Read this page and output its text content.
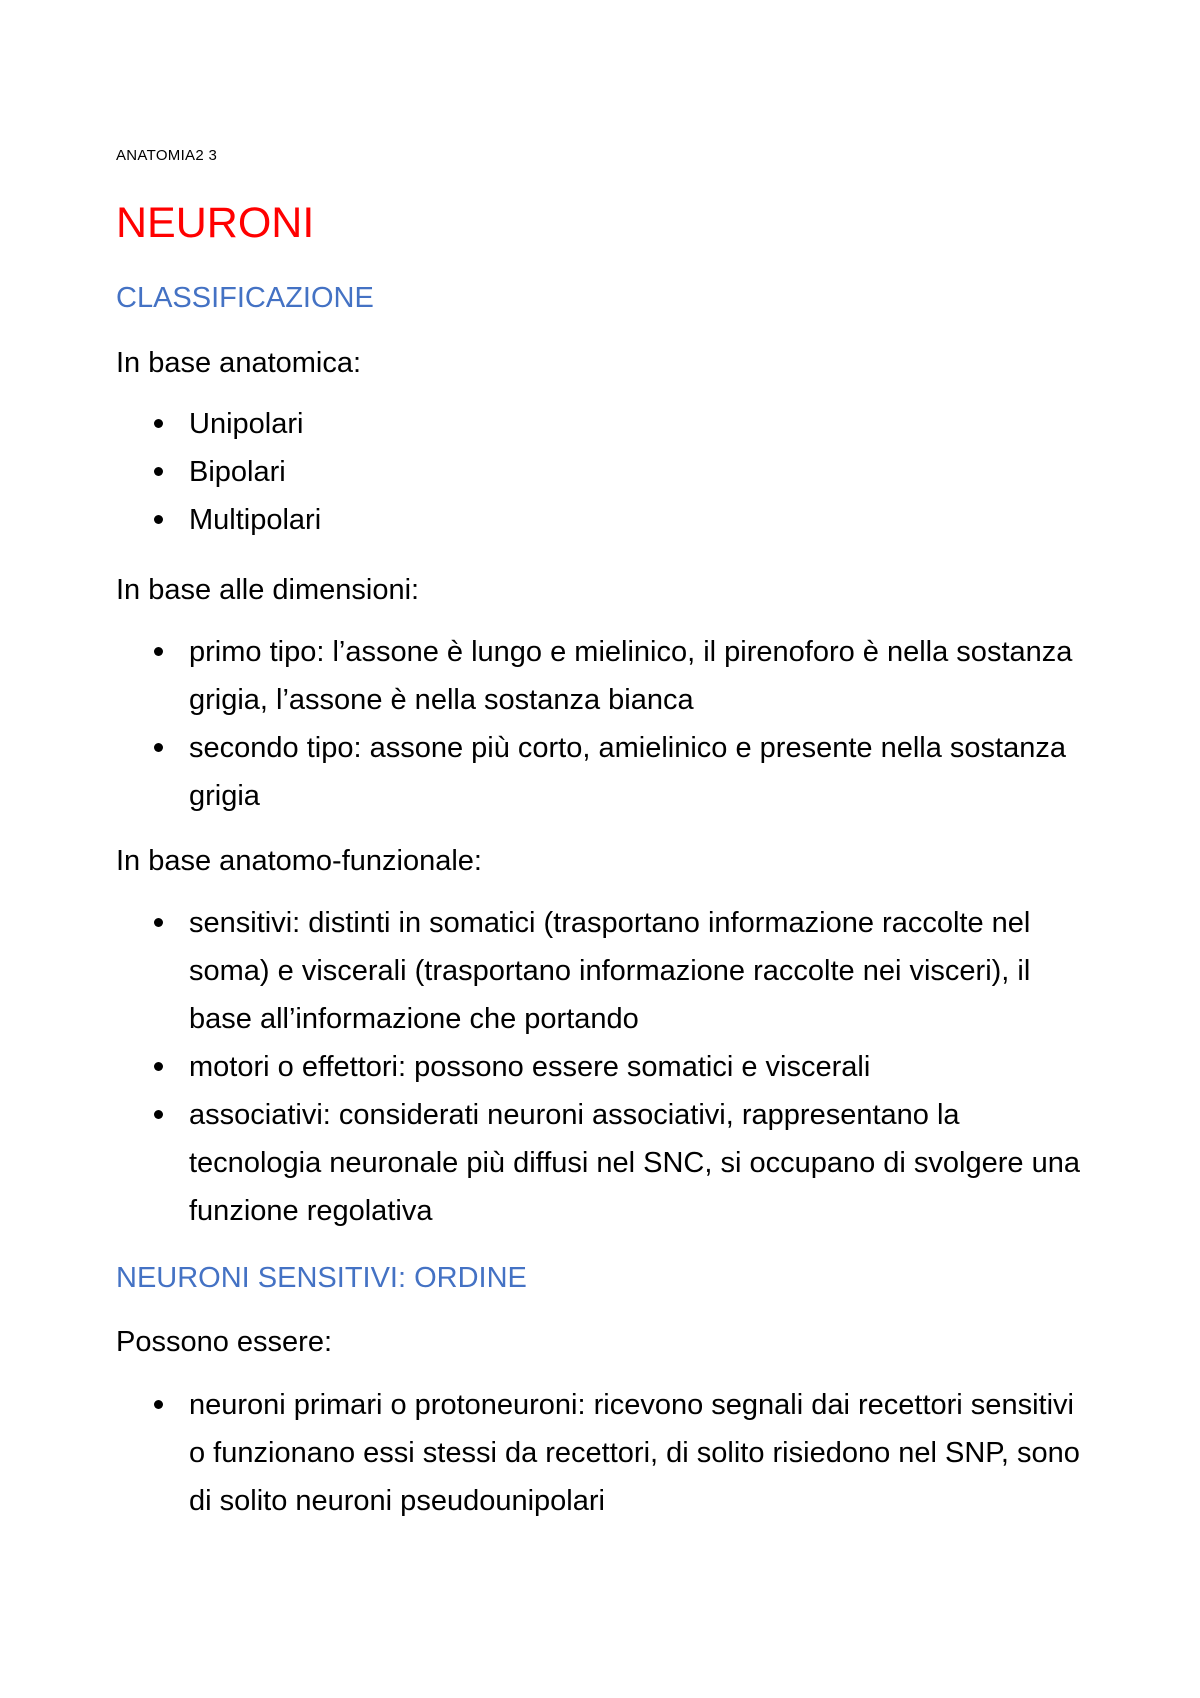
ANATOMIA2 3
NEURONI
CLASSIFICAZIONE
In base anatomica:
Unipolari
Bipolari
Multipolari
In base alle dimensioni:
primo tipo: l’assone è lungo e mielinico, il pirenoforo è nella sostanza grigia, l’assone è nella sostanza bianca
secondo tipo: assone più corto, amielinico e presente nella sostanza grigia
In base anatomo-funzionale:
sensitivi: distinti in somatici (trasportano informazione raccolte nel soma) e viscerali (trasportano informazione raccolte nei visceri), il base all’informazione che portando
motori o effettori: possono essere somatici e viscerali
associativi: considerati neuroni associativi, rappresentano la tecnologia neuronale più diffusi nel SNC, si occupano di svolgere una funzione regolativa
NEURONI SENSITIVI: ORDINE
Possono essere:
neuroni primari o protoneuroni: ricevono segnali dai recettori sensitivi o funzionano essi stessi da recettori, di solito risiedono nel SNP, sono di solito neuroni pseudounipolari
